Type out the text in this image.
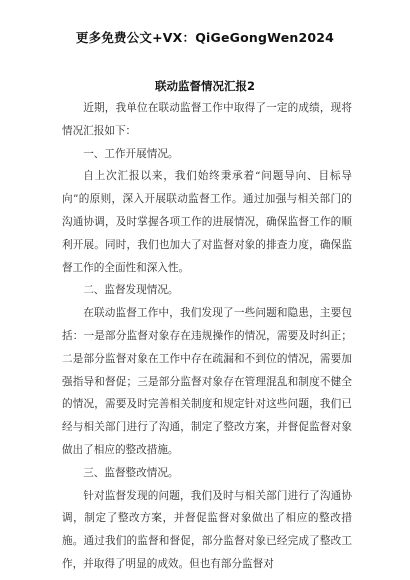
更多免费公文+VX：QiGeGongWen2024
联动监督情况汇报2

近期，我单位在联动监督工作中取得了一定的成绩，现将情况汇报如下：

一、工作开展情况。

自上次汇报以来，我们始终秉承着“问题导向、目标导向”的原则，深入开展联动监督工作。通过加强与相关部门的沟通协调，及时掌握各项工作的进展情况，确保监督工作的顺利开展。同时，我们也加大了对监督对象的排查力度，确保监督工作的全面性和深入性。

二、监督发现情况。

在联动监督工作中，我们发现了一些问题和隐患，主要包括：一是部分监督对象存在违规操作的情况，需要及时纠正；二是部分监督对象在工作中存在疏漏和不到位的情况，需要加强指导和督促；三是部分监督对象存在管理混乱和制度不健全的情况，需要及时完善相关制度和规定针对这些问题，我们已经与相关部门进行了沟通，制定了整改方案，并督促监督对象做出了相应的整改措施。

三、监督整改情况。

针对监督发现的问题，我们及时与相关部门进行了沟通协调，制定了整改方案，并督促监督对象做出了相应的整改措施。通过我们的监督和督促，部分监督对象已经完成了整改工作，并取得了明显的成效。但也有部分监督对
